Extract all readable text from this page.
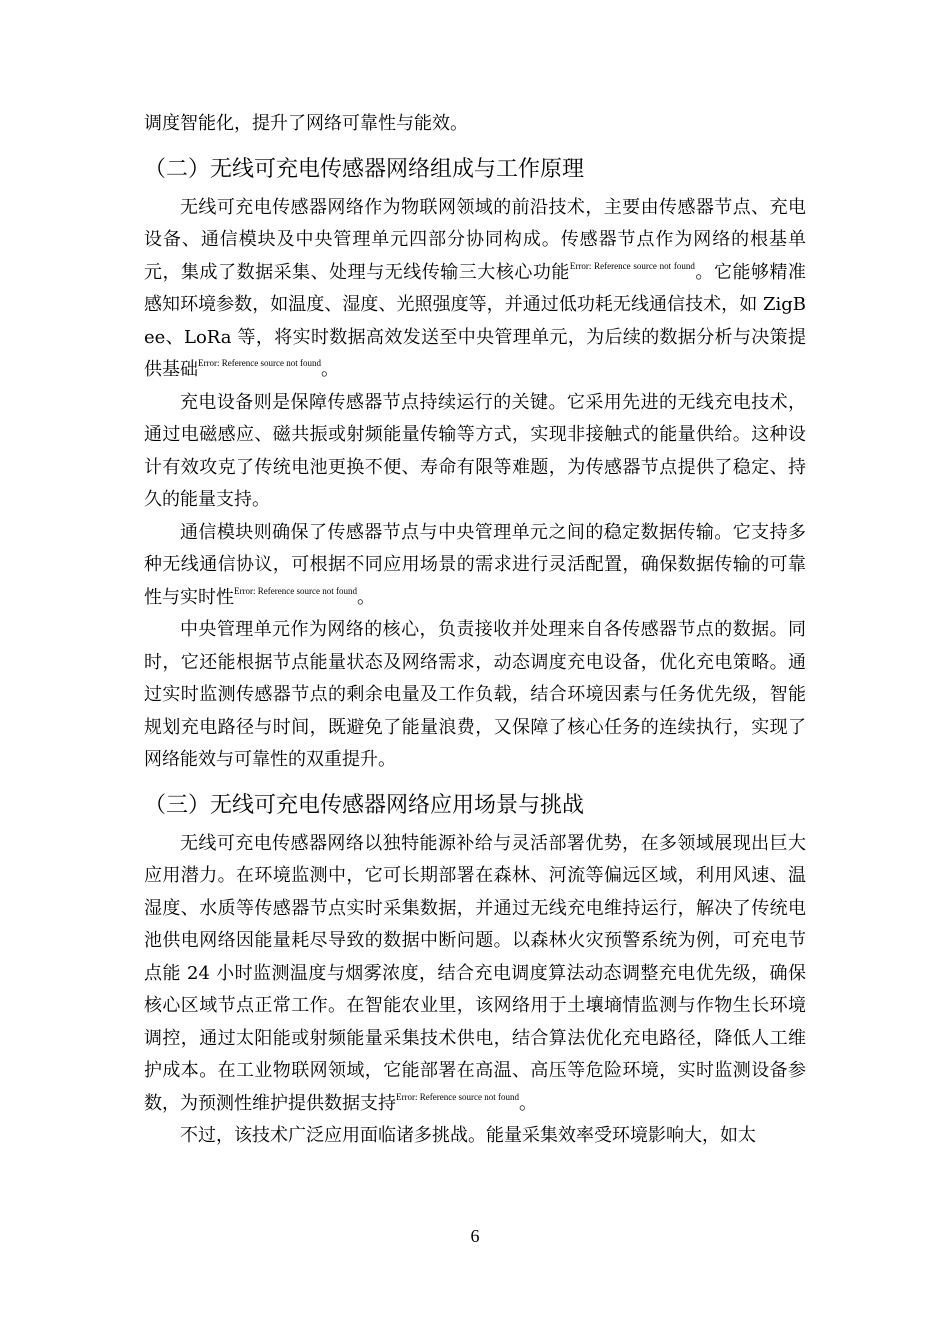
调度智能化，提升了网络可靠性与能效。

（二）无线可充电传感器网络组成与工作原理

无线可充电传感器网络作为物联网领域的前沿技术，主要由传感器节点、充电设备、通信模块及中央管理单元四部分协同构成。传感器节点作为网络的根基单元，集成了数据采集、处理与无线传输三大核心功能$^{Error: Reference source not found}$。它能够精准感知环境参数，如温度、湿度、光照强度等，并通过低功耗无线通信技术，如 ZigBee、LoRa 等，将实时数据高效发送至中央管理单元，为后续的数据分析与决策提供基础$^{Error: Reference source not found}$。

充电设备则是保障传感器节点持续运行的关键。它采用先进的无线充电技术，通过电磁感应、磁共振或射频能量传输等方式，实现非接触式的能量供给。这种设计有效攻克了传统电池更换不便、寿命有限等难题，为传感器节点提供了稳定、持久的能量支持。

通信模块则确保了传感器节点与中央管理单元之间的稳定数据传输。它支持多种无线通信协议，可根据不同应用场景的需求进行灵活配置，确保数据传输的可靠性与实时性$^{Error: Reference source not found}$。

中央管理单元作为网络的核心，负责接收并处理来自各传感器节点的数据。同时，它还能根据节点能量状态及网络需求，动态调度充电设备，优化充电策略。通过实时监测传感器节点的剩余电量及工作负载，结合环境因素与任务优先级，智能规划充电路径与时间，既避免了能量浪费，又保障了核心任务的连续执行，实现了网络能效与可靠性的双重提升。

（三）无线可充电传感器网络应用场景与挑战

无线可充电传感器网络以独特能源补给与灵活部署优势，在多领域展现出巨大应用潜力。在环境监测中，它可长期部署在森林、河流等偏远区域，利用风速、温湿度、水质等传感器节点实时采集数据，并通过无线充电维持运行，解决了传统电池供电网络因能量耗尽导致的数据中断问题。以森林火灾预警系统为例，可充电节点能 24 小时监测温度与烟雾浓度，结合充电调度算法动态调整充电优先级，确保核心区域节点正常工作。在智能农业里，该网络用于土壤墒情监测与作物生长环境调控，通过太阳能或射频能量采集技术供电，结合算法优化充电路径，降低人工维护成本。在工业物联网领域，它能部署在高温、高压等危险环境，实时监测设备参数，为预测性维护提供数据支持$^{Error: Reference source not found}$。

不过，该技术广泛应用面临诸多挑战。能量采集效率受环境影响大，如太

6
